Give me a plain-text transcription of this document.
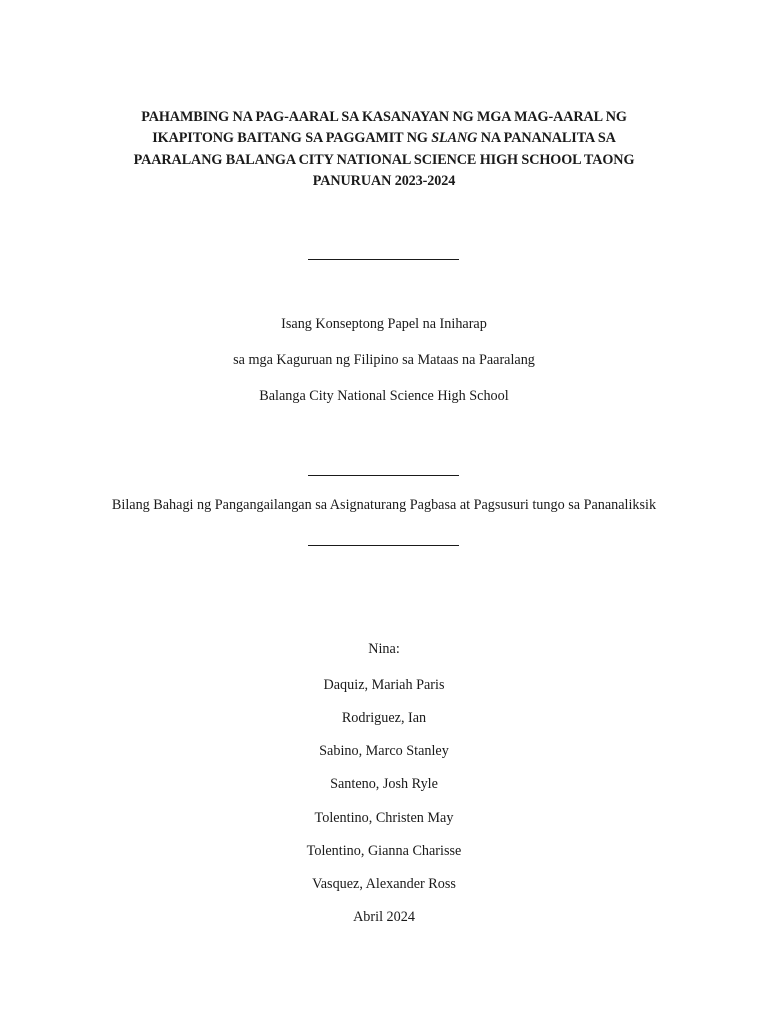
PAHAMBING NA PAG-AARAL SA KASANAYAN NG MGA MAG-AARAL NG
IKAPITONG BAITANG SA PAGGAMIT NG SLANG NA PANANALITA SA
PAARALANG BALANGA CITY NATIONAL SCIENCE HIGH SCHOOL TAONG
PANURUAN 2023-2024
Isang Konseptong Papel na Iniharap
sa mga Kaguruan ng Filipino sa Mataas na Paaralang
Balanga City National Science High School
Bilang Bahagi ng Pangangailangan sa Asignaturang Pagbasa at Pagsusuri tungo sa Pananaliksik
Nina:
Daquiz, Mariah Paris
Rodriguez, Ian
Sabino, Marco Stanley
Santeno, Josh Ryle
Tolentino, Christen May
Tolentino, Gianna Charisse
Vasquez, Alexander Ross
Abril 2024
